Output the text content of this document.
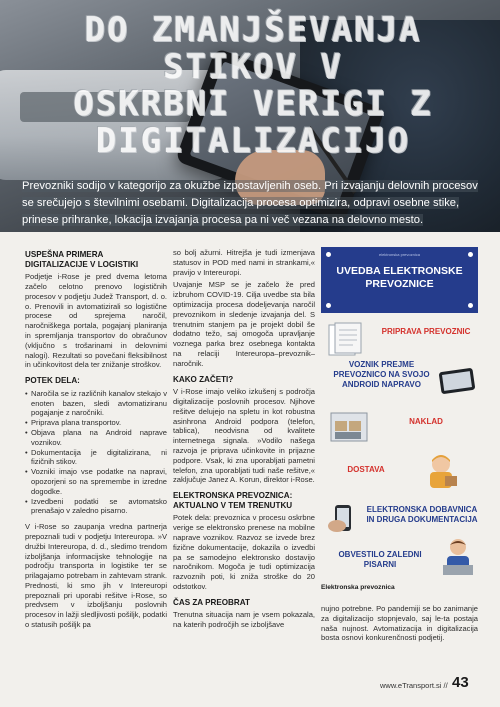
DO ZMANJŠEVANJA STIKOV V
OSKRBNI VERIGI Z DIGITALIZACIJO
Prevozniki sodijo v kategorijo za okužbe izpostavljenih oseb. Pri izvajanju delovnih procesov se srečujejo s številnimi osebami. Digitalizacija procesa optimizira, odpravi osebne stike, prinese prihranke, lokacija izvajanja procesa pa ni več vezana na delovno mesto.
USPEŠNA PRIMERA DIGITALIZACIJE V LOGISTIKI

Podjetje i-Rose je pred dvema letoma začelo celotno prenovo logističnih procesov v podjetju Judež Transport, d. o. o. Prenovili in avtomatizirali so logistične procese od sprejema naročil, naročniškega portala, pogajanj planiranja in spremljanja transportov do obračunov (vključno s trošarinami in delovnimi nalogi). Rezultati so povečani fleksibilnost in učinkovitost dela ter znižanje stroškov.

POTEK DELA:
• Naročila se iz različnih kanalov stekajo v enoten bazen, sledi avtomatiziranu pogajanje z naročniki.
• Priprava plana transportov.
• Objava plana na Android naprave voznikov.
• Dokumentacija je digitalizirana, ni fizičnih stikov.
• Vozniki imajo vse podatke na napravi, opozorjeni so na spremembe in izredne dogodke.
• Izvedbeni podatki se avtomatsko prenašajo v zaledno pisarno.

V i-Rose so zaupanja vredna partnerja prepoznali tudi v podjetju Intereuropa. »V družbi Intereuropa, d. d., sledimo trendom izboljšanja informacijske tehnologije na področju transporta in logistike ter se prilagajamo potrebam in zahtevam strank. Prednosti, ki smo jih v Intereuropi prepoznali pri uporabi rešitve i-Rose, so predvsem v izboljšanju poslovnih procesov in lažji sledljivosti pošiljk, podatki o statusih pošiljk pa

so bolj ažurni. Hitrejša je tudi izmenjava statusov in POD med nami in strankami,« pravijo v Intereuropi.

Uvajanje MSP se je začelo že pred izbruhom COVID-19. Cilja uvedbe sta bila optimizacija procesa dodeljevanja naročil prevoznikom in sledenje izvajanja del. S trenutnim stanjem pa je projekt dobil še dodatno težo, saj omogoča upravljanje voznega parka brez osebnega kontakta na relaciji Intereuropa–prevoznik–naročnik.

KAKO ZAČETI?

V i-Rose imajo veliko izkušenj s področja digitalizacije poslovnih procesov. Njihove rešitve delujejo na spletu in kot robustna asinhrona Android podpora (telefon, tablica), neodvisna od kvalitete internetnega signala. »Vodilo našega razvoja je priprava učinkovite in prijazne podpore. Vsak, ki zna uporabljati pametni telefon, zna uporabljati tudi naše rešitve,« zaključuje Janez A. Korun, direktor i-Rose.

ELEKTRONSKA PREVOZNICA: AKTUALNO V TEM TRENUTKU

Potek dela: prevoznica v procesu oskrbne verige se elektronsko prenese na mobilne naprave voznikov. Razvoz se izvede brez fizične dokumentacije, dokazila o izvedbi pa se samodejno elektronsko dostavijo naročnikom. Mogoča je tudi optimizacija razvoznih poti, ki zniža stroške do 20 odstotkov.

ČAS ZA PREOBRAT

Trenutna situacija nam je vsem pokazala, na katerih področjih se izboljšave

elektronska prevoznica
UVEDBA ELEKTRONSKE PREVOZNICE
PRIPRAVA PREVOZNIC
VOZNIK PREJME PREVOZNICO NA SVOJO ANDROID NAPRAVO
NAKLAD
DOSTAVA
ELEKTRONSKA DOBAVNICA IN DRUGA DOKUMENTACIJA
OBVESTILO ZALEDNI PISARNI
Elektronska prevoznica
nujno potrebne. Po pandemiji se bo zanimanje za digitalizacijo stopnjevalo, saj le-ta postaja naša nujnost. Avtomatizacija in digitalizacija bosta osnovi konkurenčnosti podjetij.
www.eTransport.si // 43
